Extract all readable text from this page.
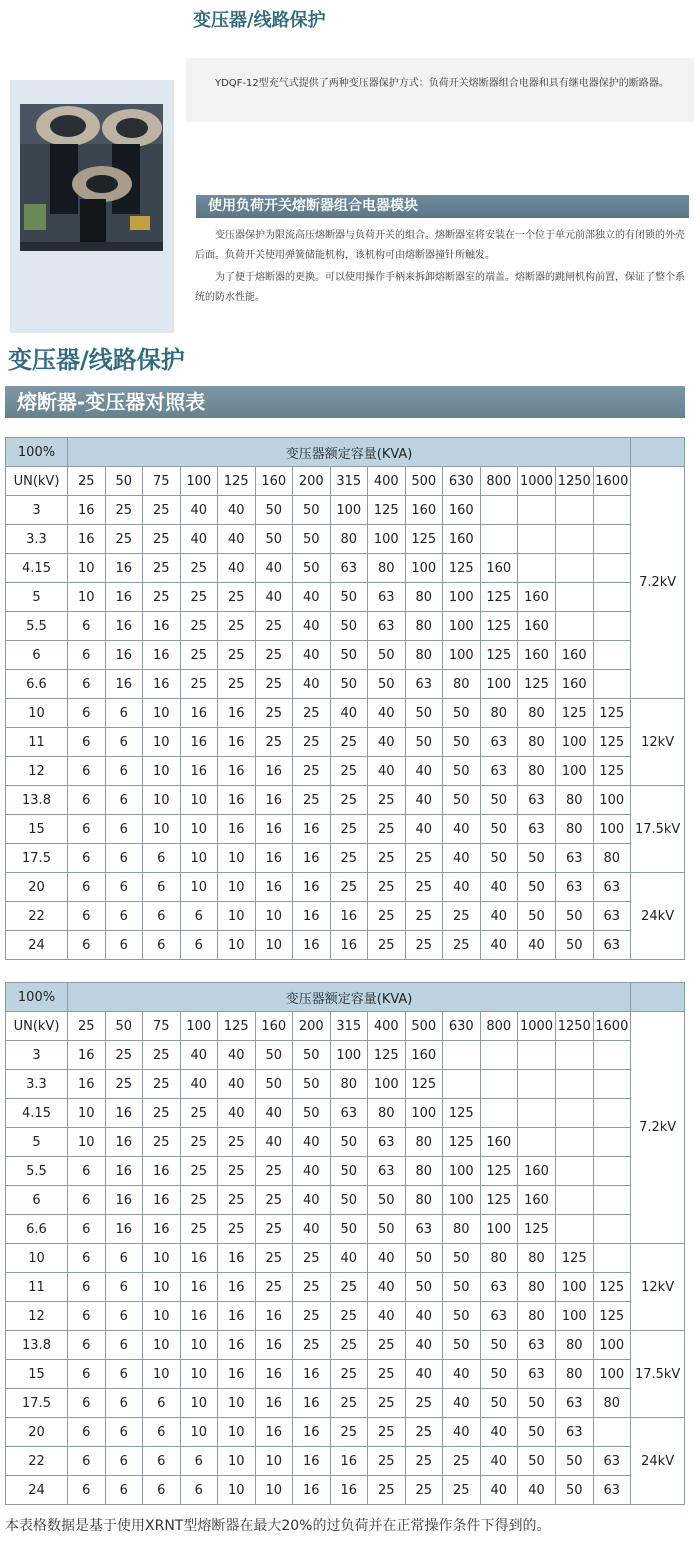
变压器/线路保护

YDQF-12型充气式提供了两种变压器保护方式：负荷开关熔断器组合电器和具有继电器保护的断路器。

使用负荷开关熔断器组合电器模块

变压器保护为限流高压熔断器与负荷开关的组合。熔断器室将安装在一个位于单元前部独立的有闭锁的外壳后面。负荷开关使用弹簧储能机构，该机构可由熔断器撞针所触发。

为了便于熔断器的更换。可以使用操作手柄来拆卸熔断器室的端盖。熔断器的跳闸机构前置，保证了整个系统的防水性能。

变压器/线路保护
熔断器-变压器对照表
100%	变压器额定容量(KVA)															
UN(kV)	25	50	75	100	125	160	200	315	400	500	630	800	1000	1250	1600	7.2kV
3	16	25	25	40	40	50	50	100	125	160	160					
3.3	16	25	25	40	40	50	50	80	100	125	160					
4.15	10	16	25	25	40	40	50	63	80	100	125	160				
5	10	16	25	25	25	40	40	50	63	80	100	125	160			
5.5	6	16	16	25	25	25	40	50	63	80	100	125	160			
6	6	16	16	25	25	25	40	50	50	80	100	125	160	160		
6.6	6	16	16	25	25	25	40	50	50	63	80	100	125	160		
10	6	6	10	16	16	25	25	40	40	50	50	80	80	125	125	12kV
11	6	6	10	16	16	25	25	25	40	50	50	63	80	100	125	
12	6	6	10	16	16	16	25	25	40	40	50	63	80	100	125	
13.8	6	6	10	10	16	16	25	25	25	40	50	50	63	80	100	17.5kV
15	6	6	10	10	16	16	16	25	25	40	40	50	63	80	100	
17.5	6	6	6	10	10	16	16	25	25	25	40	50	50	63	80	
20	6	6	6	10	10	16	16	25	25	25	40	40	50	63	63	24kV
22	6	6	6	6	10	10	16	16	25	25	25	40	50	50	63	
24	6	6	6	6	10	10	16	16	25	25	25	40	40	50	63	
100%	变压器额定容量(KVA)															
UN(kV)	25	50	75	100	125	160	200	315	400	500	630	800	1000	1250	1600	7.2kV
3	16	25	25	40	40	50	50	100	125	160						
3.3	16	25	25	40	40	50	50	80	100	125						
4.15	10	16	25	25	40	40	50	63	80	100	125					
5	10	16	25	25	25	40	40	50	63	80	125	160				
5.5	6	16	16	25	25	25	40	50	63	80	100	125	160			
6	6	16	16	25	25	25	40	50	50	80	100	125	160			
6.6	6	16	16	25	25	25	40	50	50	63	80	100	125			
10	6	6	10	16	16	25	25	40	40	50	50	80	80	125		12kV
11	6	6	10	16	16	25	25	25	40	50	50	63	80	100	125	
12	6	6	10	16	16	16	25	25	40	40	50	63	80	100	125	
13.8	6	6	10	10	16	16	25	25	25	40	50	50	63	80	100	17.5kV
15	6	6	10	10	16	16	16	25	25	40	40	50	63	80	100	
17.5	6	6	6	10	10	16	16	25	25	25	40	50	50	63	80	
20	6	6	6	10	10	16	16	25	25	25	40	40	50	63		24kV
22	6	6	6	6	10	10	16	16	25	25	25	40	50	50	63	
24	6	6	6	6	10	10	16	16	25	25	25	40	40	50	63	

本表格数据是基于使用XRNT型熔断器在最大20%的过负荷并在正常操作条件下得到的。
